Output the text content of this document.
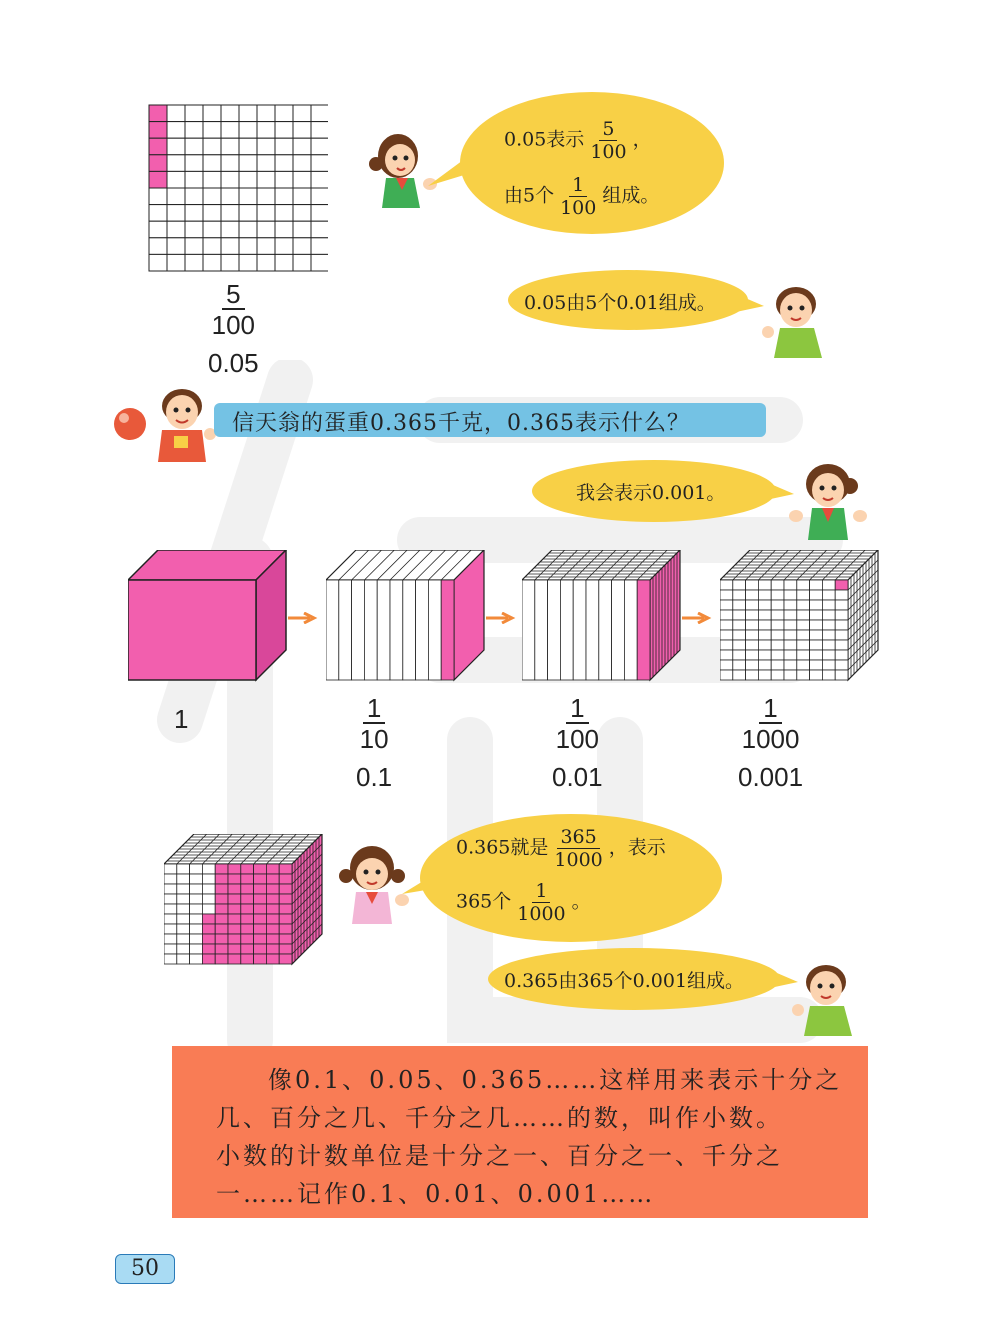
5
100
0.05
0.05表示 $\frac{5}{100}$ ，
由5个 $\frac{1}{100}$ 组成。
0.05由5个0.01组成。
信天翁的蛋重0.365千克，0.365表示什么？
我会表示0.001。
1	1
10
0.1
1
100
0.01
1
1000
0.001
0.365就是 $\frac{365}{1000}$ ，表示
365个 $\frac{1}{1000}$ 。
0.365由365个0.001组成。

像0.1、0.05、0.365……这样用来表示十分之

几、百分之几、千分之几……的数，叫作小数。

小数的计数单位是十分之一、百分之一、千分之

一……记作0.1、0.01、0.001……

50
